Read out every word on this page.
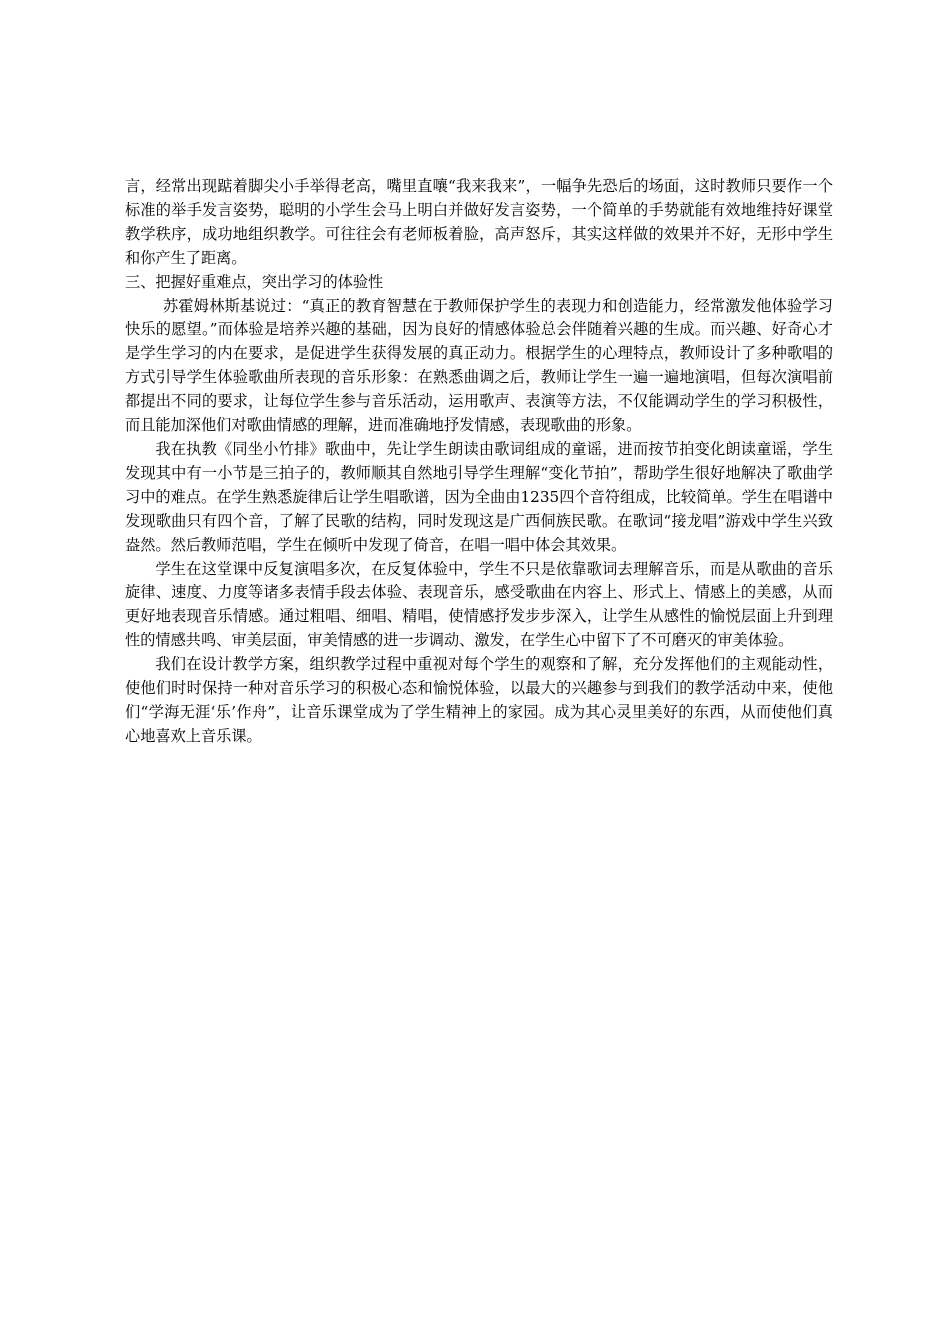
言，经常出现踮着脚尖小手举得老高，嘴里直嚷“我来我来”，一幅争先恐后的场面，这时教师只要作一个标准的举手发言姿势，聪明的小学生会马上明白并做好发言姿势，一个简单的手势就能有效地维持好课堂教学秩序，成功地组织教学。可往往会有老师板着脸，高声怒斥，其实这样做的效果并不好，无形中学生和你产生了距离。

三、把握好重难点，突出学习的体验性

苏霍姆林斯基说过：“真正的教育智慧在于教师保护学生的表现力和创造能力，经常激发他体验学习快乐的愿望。”而体验是培养兴趣的基础，因为良好的情感体验总会伴随着兴趣的生成。而兴趣、好奇心才是学生学习的内在要求，是促进学生获得发展的真正动力。根据学生的心理特点，教师设计了多种歌唱的方式引导学生体验歌曲所表现的音乐形象：在熟悉曲调之后，教师让学生一遍一遍地演唱，但每次演唱前都提出不同的要求，让每位学生参与音乐活动，运用歌声、表演等方法，不仅能调动学生的学习积极性，而且能加深他们对歌曲情感的理解，进而准确地抒发情感，表现歌曲的形象。

我在执教《同坐小竹排》歌曲中，先让学生朗读由歌词组成的童谣，进而按节拍变化朗读童谣，学生发现其中有一小节是三拍子的，教师顺其自然地引导学生理解“变化节拍”，帮助学生很好地解决了歌曲学习中的难点。在学生熟悉旋律后让学生唱歌谱，因为全曲由1235四个音符组成，比较简单。学生在唱谱中发现歌曲只有四个音，了解了民歌的结构，同时发现这是广西侗族民歌。在歌词“接龙唱”游戏中学生兴致盎然。然后教师范唱，学生在倾听中发现了倚音，在唱一唱中体会其效果。

学生在这堂课中反复演唱多次，在反复体验中，学生不只是依靠歌词去理解音乐，而是从歌曲的音乐旋律、速度、力度等诸多表情手段去体验、表现音乐，感受歌曲在内容上、形式上、情感上的美感，从而更好地表现音乐情感。通过粗唱、细唱、精唱，使情感抒发步步深入，让学生从感性的愉悦层面上升到理性的情感共鸣、审美层面，审美情感的进一步调动、激发，在学生心中留下了不可磨灭的审美体验。

我们在设计教学方案，组织教学过程中重视对每个学生的观察和了解，充分发挥他们的主观能动性，使他们时时保持一种对音乐学习的积极心态和愉悦体验，以最大的兴趣参与到我们的教学活动中来，使他们“学海无涯‘乐’作舟”，让音乐课堂成为了学生精神上的家园。成为其心灵里美好的东西，从而使他们真心地喜欢上音乐课。
